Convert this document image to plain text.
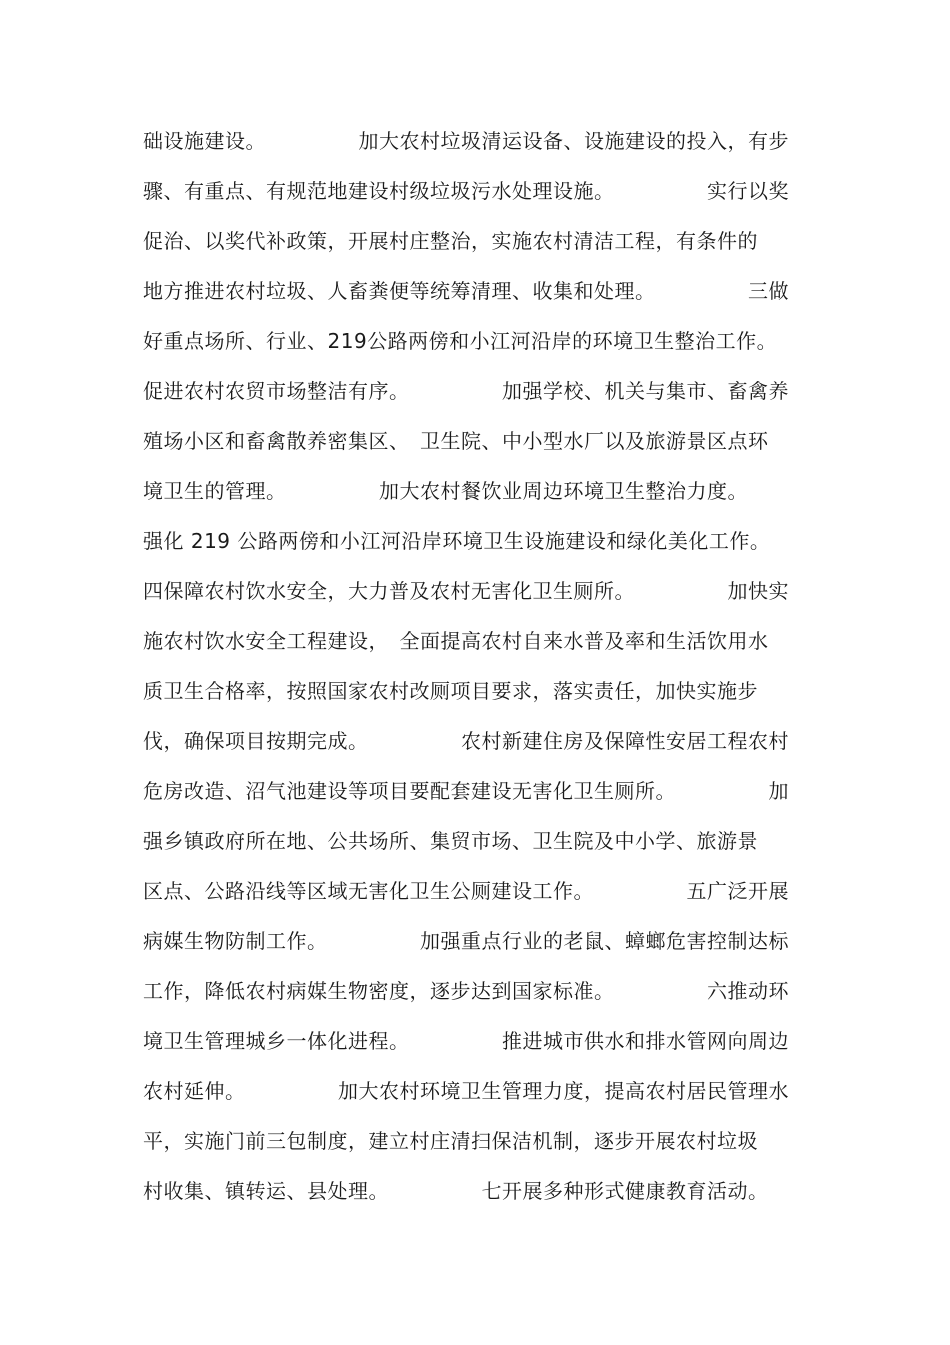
础设施建设。　　　　　加大农村垃圾清运设备、设施建设的投入，有步
骤、有重点、有规范地建设村级垃圾污水处理设施。　　　　　实行以奖
促治、以奖代补政策，开展村庄整治，实施农村清洁工程，有条件的
地方推进农村垃圾、人畜粪便等统筹清理、收集和处理。　　　　　三做
好重点场所、行业、219公路两傍和小江河沿岸的环境卫生整治工作。
促进农村农贸市场整洁有序。　　　　　加强学校、机关与集市、畜禽养
殖场小区和畜禽散养密集区、　卫生院、中小型水厂以及旅游景区点环
境卫生的管理。　　　　　加大农村餐饮业周边环境卫生整治力度。
强化 219 公路两傍和小江河沿岸环境卫生设施建设和绿化美化工作。
四保障农村饮水安全，大力普及农村无害化卫生厕所。　　　　　加快实
施农村饮水安全工程建设，　全面提高农村自来水普及率和生活饮用水
质卫生合格率，按照国家农村改厕项目要求，落实责任，加快实施步
伐，确保项目按期完成。　　　　　农村新建住房及保障性安居工程农村
危房改造、沼气池建设等项目要配套建设无害化卫生厕所。　　　　　加
强乡镇政府所在地、公共场所、集贸市场、卫生院及中小学、旅游景
区点、公路沿线等区域无害化卫生公厕建设工作。　　　　　五广泛开展
病媒生物防制工作。　　　　　加强重点行业的老鼠、蟑螂危害控制达标
工作，降低农村病媒生物密度，逐步达到国家标准。　　　　　六推动环
境卫生管理城乡一体化进程。　　　　　推进城市供水和排水管网向周边
农村延伸。　　　　　加大农村环境卫生管理力度，提高农村居民管理水
平，实施门前三包制度，建立村庄清扫保洁机制，逐步开展农村垃圾
村收集、镇转运、县处理。　　　　　七开展多种形式健康教育活动。
